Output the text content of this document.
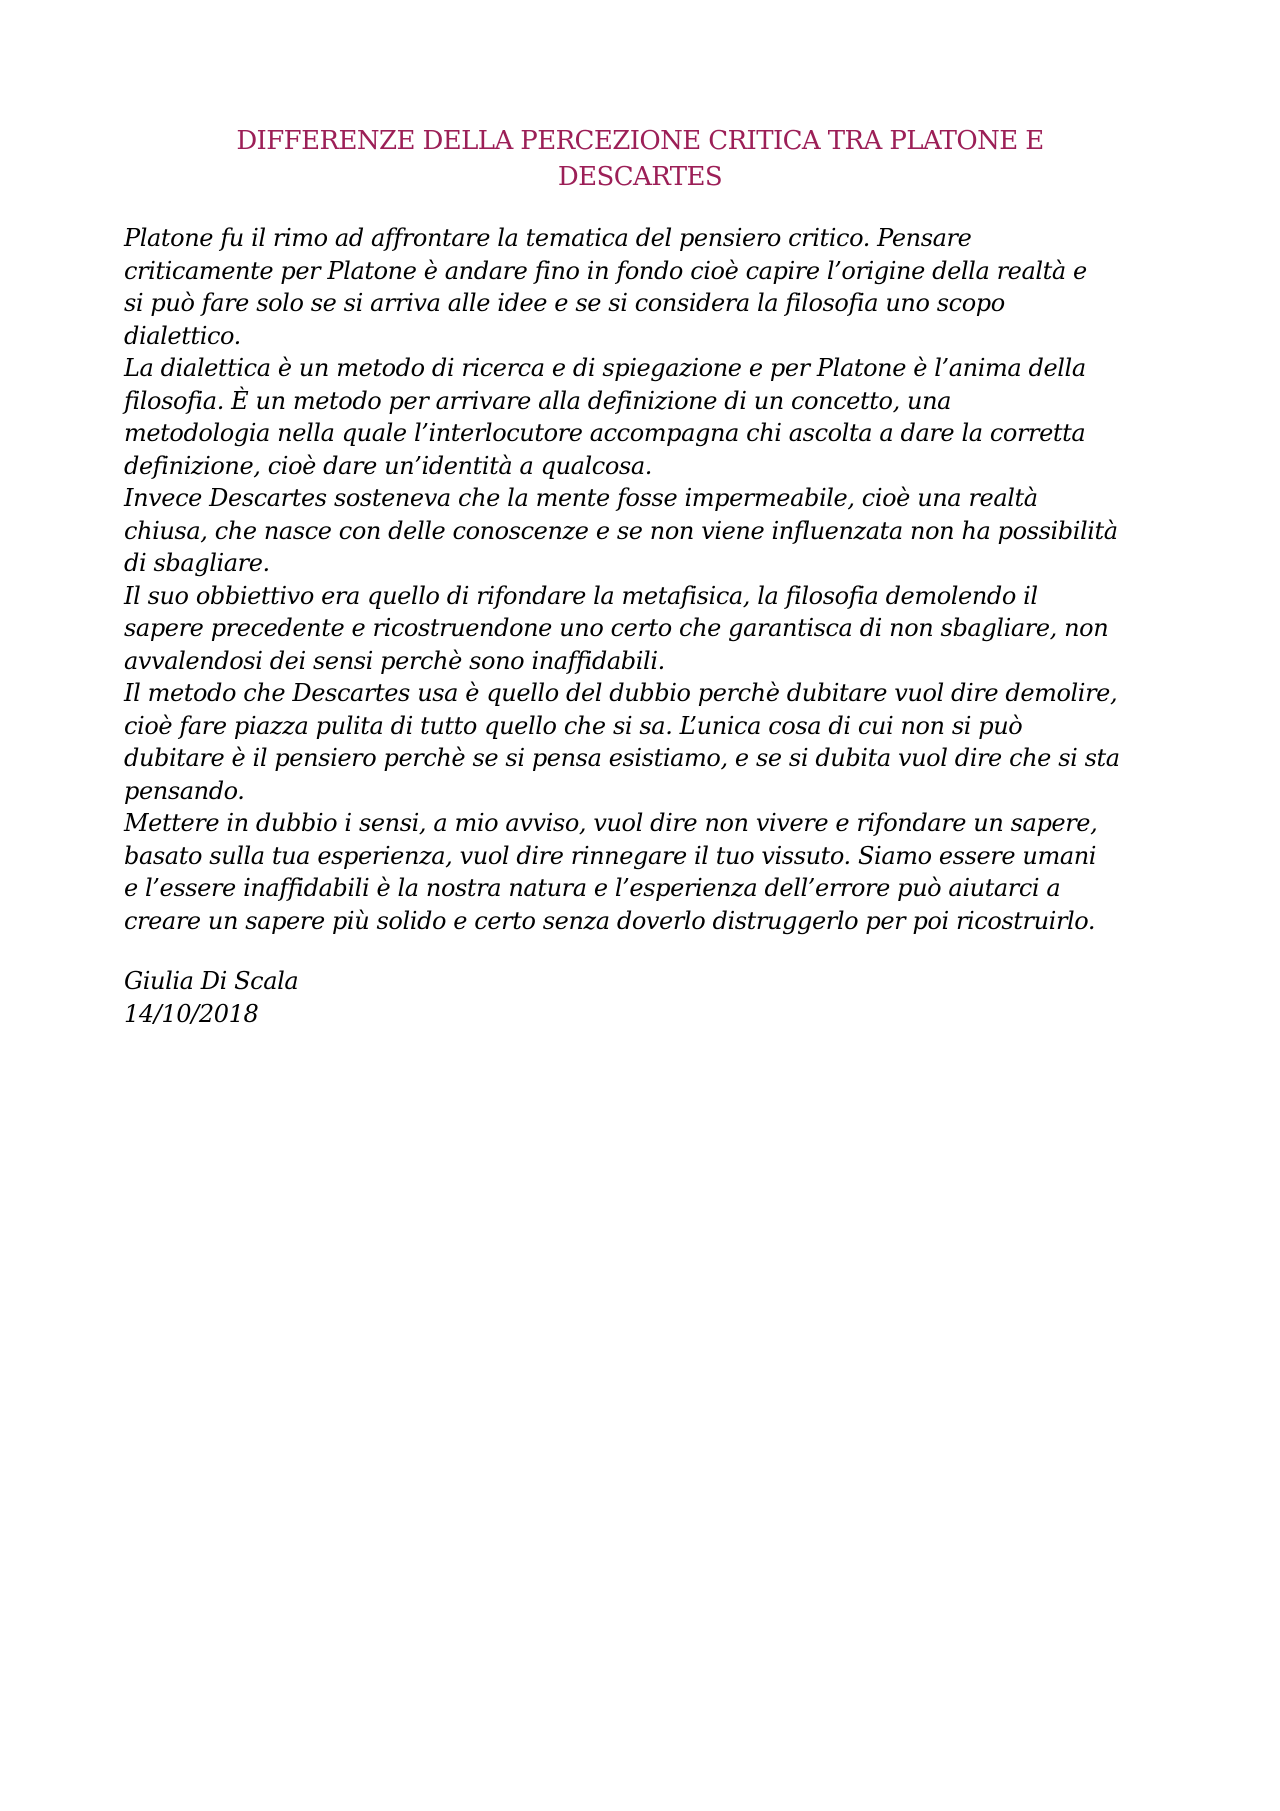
DIFFERENZE DELLA PERCEZIONE CRITICA TRA PLATONE E
DESCARTES
Platone fu il rimo ad affrontare la tematica del pensiero critico. Pensare
criticamente per Platone è andare fino in fondo cioè capire l’origine della realtà e
si può fare solo se si arriva alle idee e se si considera la filosofia uno scopo
dialettico.
La dialettica è un metodo di ricerca e di spiegazione e per Platone è l’anima della
filosofia. È un metodo per arrivare alla definizione di un concetto, una
metodologia nella quale l’interlocutore accompagna chi ascolta a dare la corretta
definizione, cioè dare un’identità a qualcosa.
Invece Descartes sosteneva che la mente fosse impermeabile, cioè una realtà
chiusa, che nasce con delle conoscenze e se non viene influenzata non ha possibilità
di sbagliare.
Il suo obbiettivo era quello di rifondare la metafisica, la filosofia demolendo il
sapere precedente e ricostruendone uno certo che garantisca di non sbagliare, non
avvalendosi dei sensi perchè sono inaffidabili.
Il metodo che Descartes usa è quello del dubbio perchè dubitare vuol dire demolire,
cioè fare piazza pulita di tutto quello che si sa. L’unica cosa di cui non si può
dubitare è il pensiero perchè se si pensa esistiamo, e se si dubita vuol dire che si sta
pensando.
Mettere in dubbio i sensi, a mio avviso, vuol dire non vivere e rifondare un sapere,
basato sulla tua esperienza, vuol dire rinnegare il tuo vissuto. Siamo essere umani
e l’essere inaffidabili è la nostra natura e l’esperienza dell’errore può aiutarci a
creare un sapere più solido e certo senza doverlo distruggerlo per poi ricostruirlo.
Giulia Di Scala
14/10/2018
